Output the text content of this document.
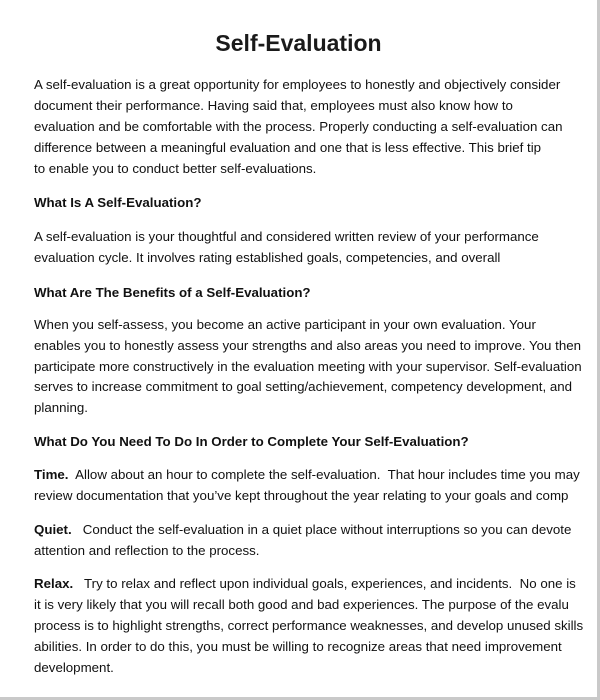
Self-Evaluation

A self-evaluation is a great opportunity for employees to honestly and objectively consider

document their performance. Having said that, employees must also know how to

evaluation and be comfortable with the process. Properly conducting a self-evaluation can

difference between a meaningful evaluation and one that is less effective. This brief tip

to enable you to conduct better self-evaluations.

What Is A Self-Evaluation?

A self-evaluation is your thoughtful and considered written review of your performance

evaluation cycle. It involves rating established goals, competencies, and overall

What Are The Benefits of a Self-Evaluation?

When you self-assess, you become an active participant in your own evaluation. Your

enables you to honestly assess your strengths and also areas you need to improve. You then

participate more constructively in the evaluation meeting with your supervisor. Self-evaluation

serves to increase commitment to goal setting/achievement, competency development, and

planning.

What Do You Need To Do In Order to Complete Your Self-Evaluation?

Time.  Allow about an hour to complete the self-evaluation.  That hour includes time you may

review documentation that you’ve kept throughout the year relating to your goals and comp

Quiet.   Conduct the self-evaluation in a quiet place without interruptions so you can devote

attention and reflection to the process.

Relax.   Try to relax and reflect upon individual goals, experiences, and incidents.  No one is

it is very likely that you will recall both good and bad experiences. The purpose of the evalu

process is to highlight strengths, correct performance weaknesses, and develop unused skills

abilities. In order to do this, you must be willing to recognize areas that need improvement

development.
